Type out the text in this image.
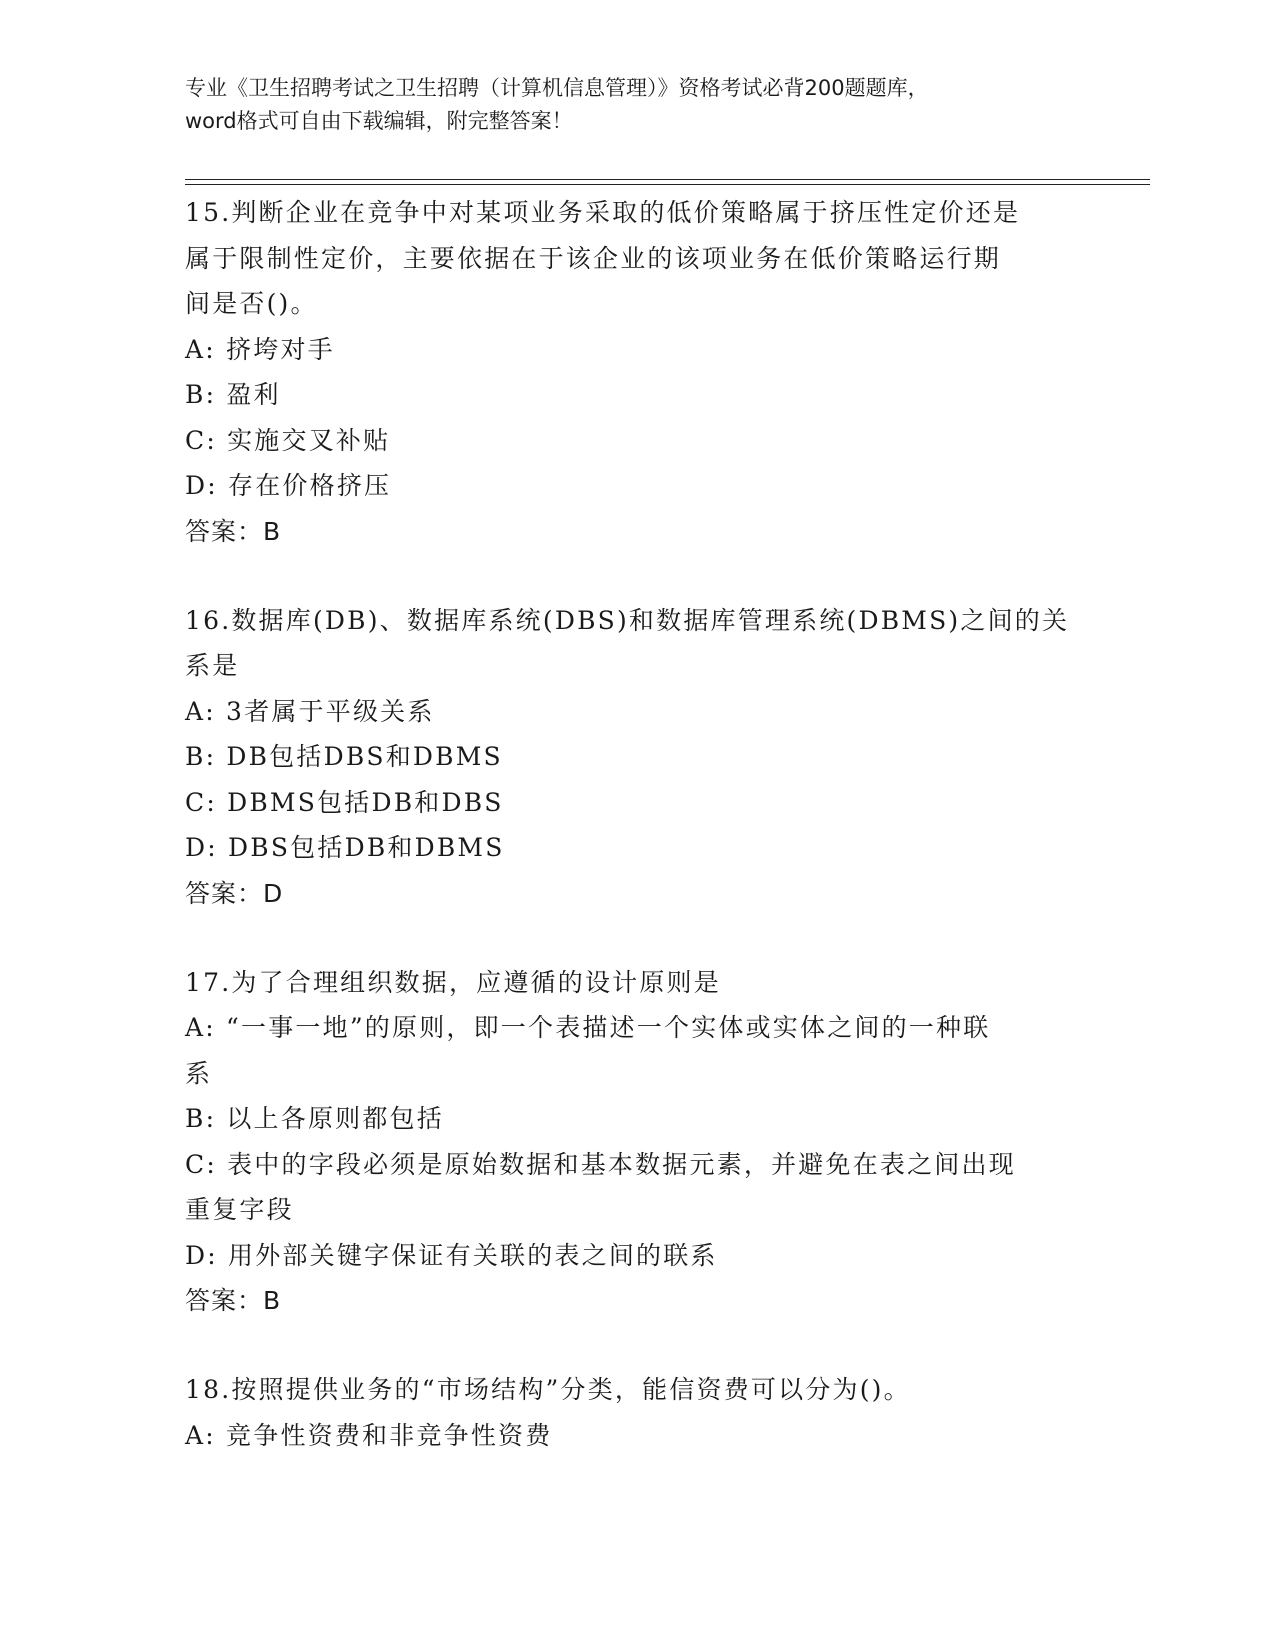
专业《卫生招聘考试之卫生招聘（计算机信息管理）》资格考试必背200题题库，
word格式可自由下载编辑，附完整答案！
15.判断企业在竞争中对某项业务采取的低价策略属于挤压性定价还是
属于限制性定价，主要依据在于该企业的该项业务在低价策略运行期
间是否()。
A: 挤垮对手
B: 盈利
C: 实施交叉补贴
D: 存在价格挤压
答案：B
16.数据库(DB)、数据库系统(DBS)和数据库管理系统(DBMS)之间的关
系是
A: 3者属于平级关系
B: DB包括DBS和DBMS
C: DBMS包括DB和DBS
D: DBS包括DB和DBMS
答案：D
17.为了合理组织数据，应遵循的设计原则是
A: “一事一地”的原则，即一个表描述一个实体或实体之间的一种联
系
B: 以上各原则都包括
C: 表中的字段必须是原始数据和基本数据元素，并避免在表之间出现
重复字段
D: 用外部关键字保证有关联的表之间的联系
答案：B
18.按照提供业务的“市场结构”分类，能信资费可以分为()。
A: 竞争性资费和非竞争性资费
